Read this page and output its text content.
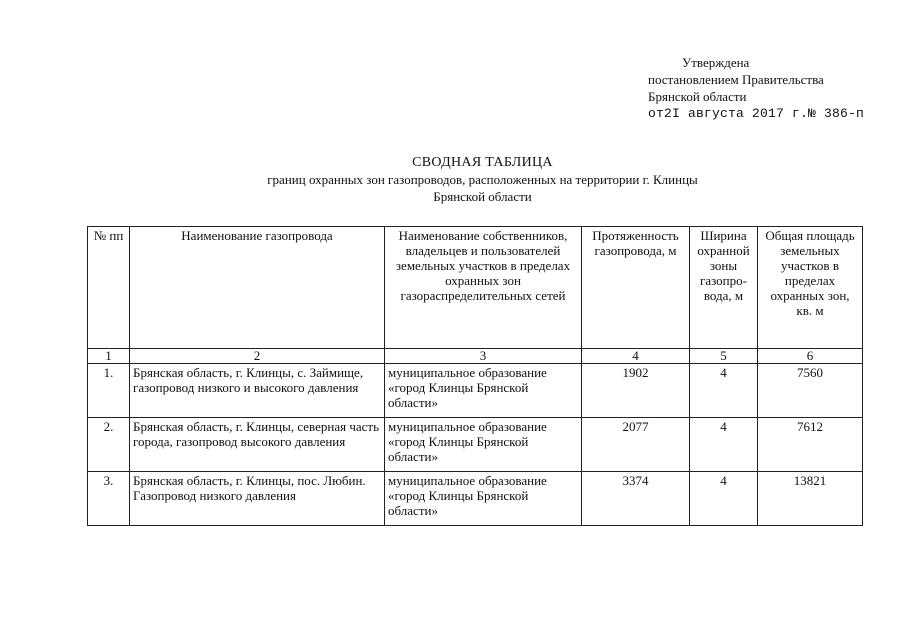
Утверждена
постановлением Правительства
Брянской области
от2I августа 2017 г.№ 386-п
СВОДНАЯ ТАБЛИЦА
границ охранных зон газопроводов, расположенных на территории г. Клинцы
Брянской области
№ пп	Наименование газопровода	Наименование собственников, владельцев и пользователей земельных участков в пределах охранных зон газораспределительных сетей	Протяженность газопровода, м	Ширина охранной зоны газопро- вода, м	Общая площадь земельных участков в пределах охранных зон, кв. м
1	2	3	4	5	6
1.	Брянская область, г. Клинцы, с. Займище, газопровод низкого и высокого давления	муниципальное образование «город Клинцы Брянской области»	1902	4	7560
2.	Брянская область, г. Клинцы, северная часть города, газопровод высокого давления	муниципальное образование «город Клинцы Брянской области»	2077	4	7612
3.	Брянская область, г. Клинцы, пос. Любин. Газопровод низкого давления	муниципальное образование «город Клинцы Брянской области»	3374	4	13821
